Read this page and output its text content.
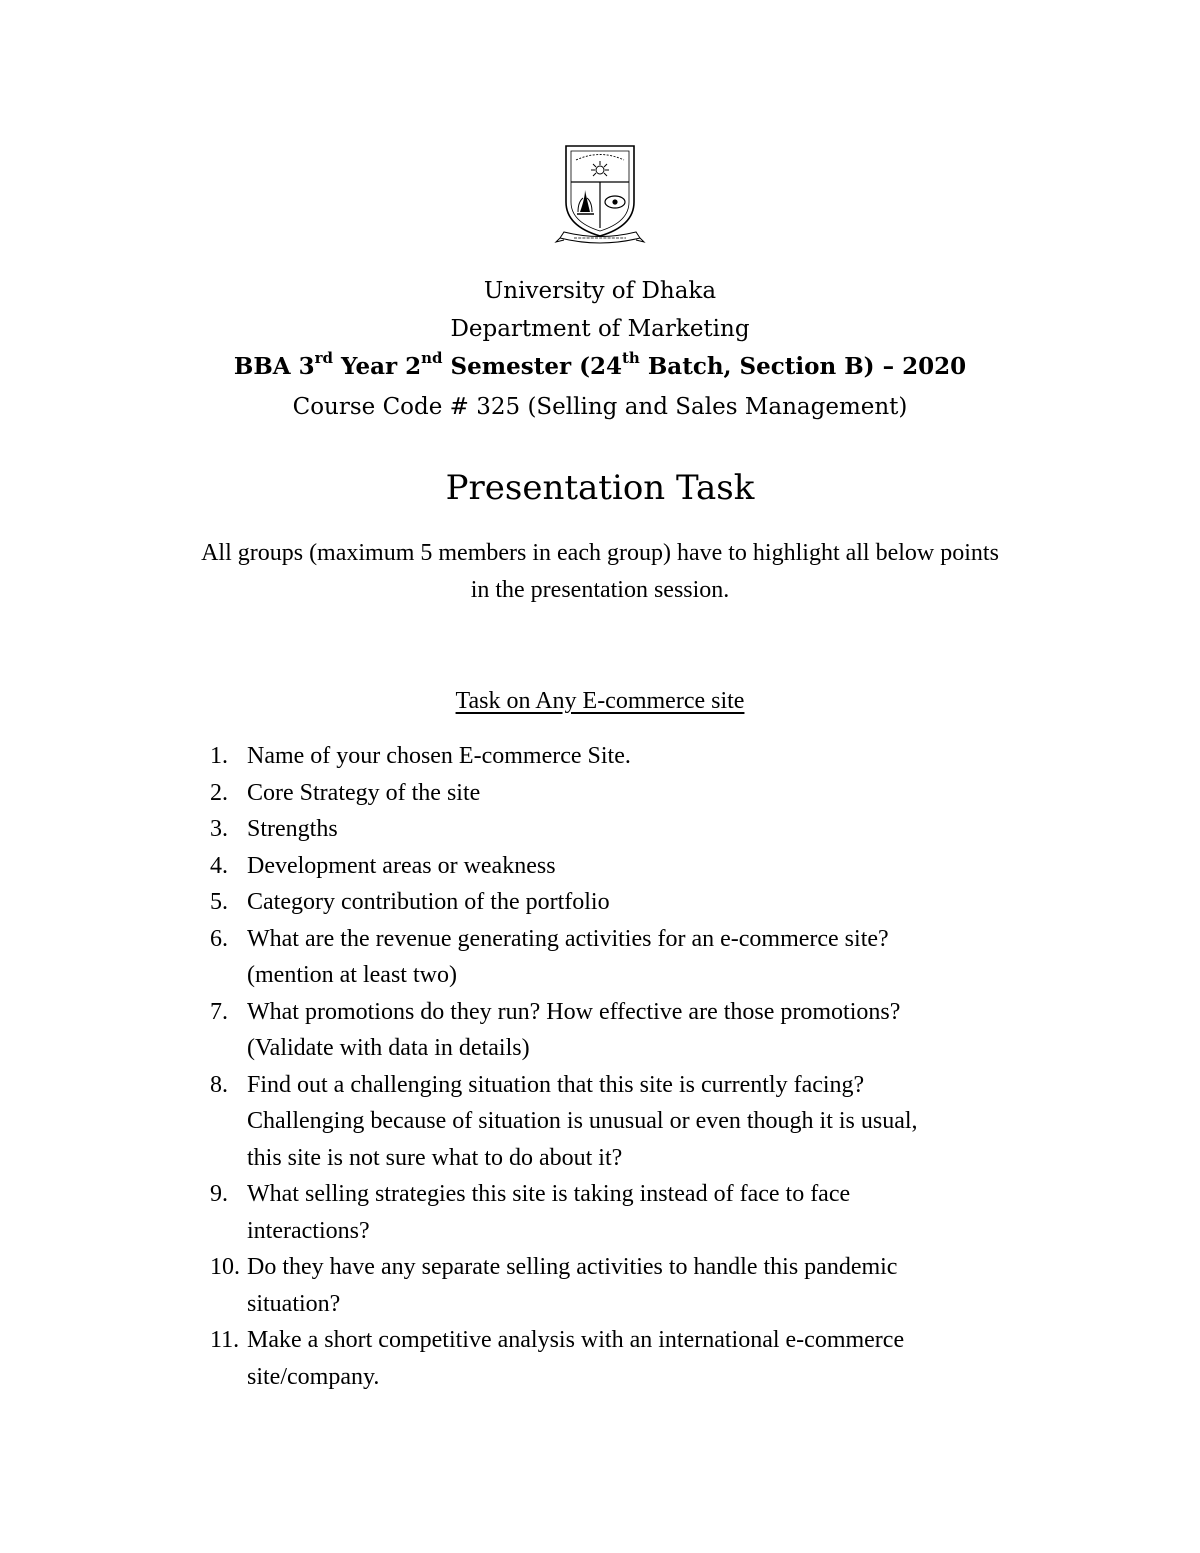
University of Dhaka
Department of Marketing
BBA 3rd Year 2nd Semester (24th Batch, Section B) – 2020
Course Code # 325 (Selling and Sales Management)
Presentation Task
All groups (maximum 5 members in each group) have to highlight all below points
in the presentation session.
Task on Any E-commerce site
1. Name of your chosen E-commerce Site.
2. Core Strategy of the site
3. Strengths
4. Development areas or weakness
5. Category contribution of the portfolio
6. What are the revenue generating activities for an e-commerce site?
(mention at least two)
7. What promotions do they run? How effective are those promotions?
(Validate with data in details)
8. Find out a challenging situation that this site is currently facing?
Challenging because of situation is unusual or even though it is usual,
this site is not sure what to do about it?
9. What selling strategies this site is taking instead of face to face
interactions?
10. Do they have any separate selling activities to handle this pandemic
situation?
11. Make a short competitive analysis with an international e-commerce
site/company.
